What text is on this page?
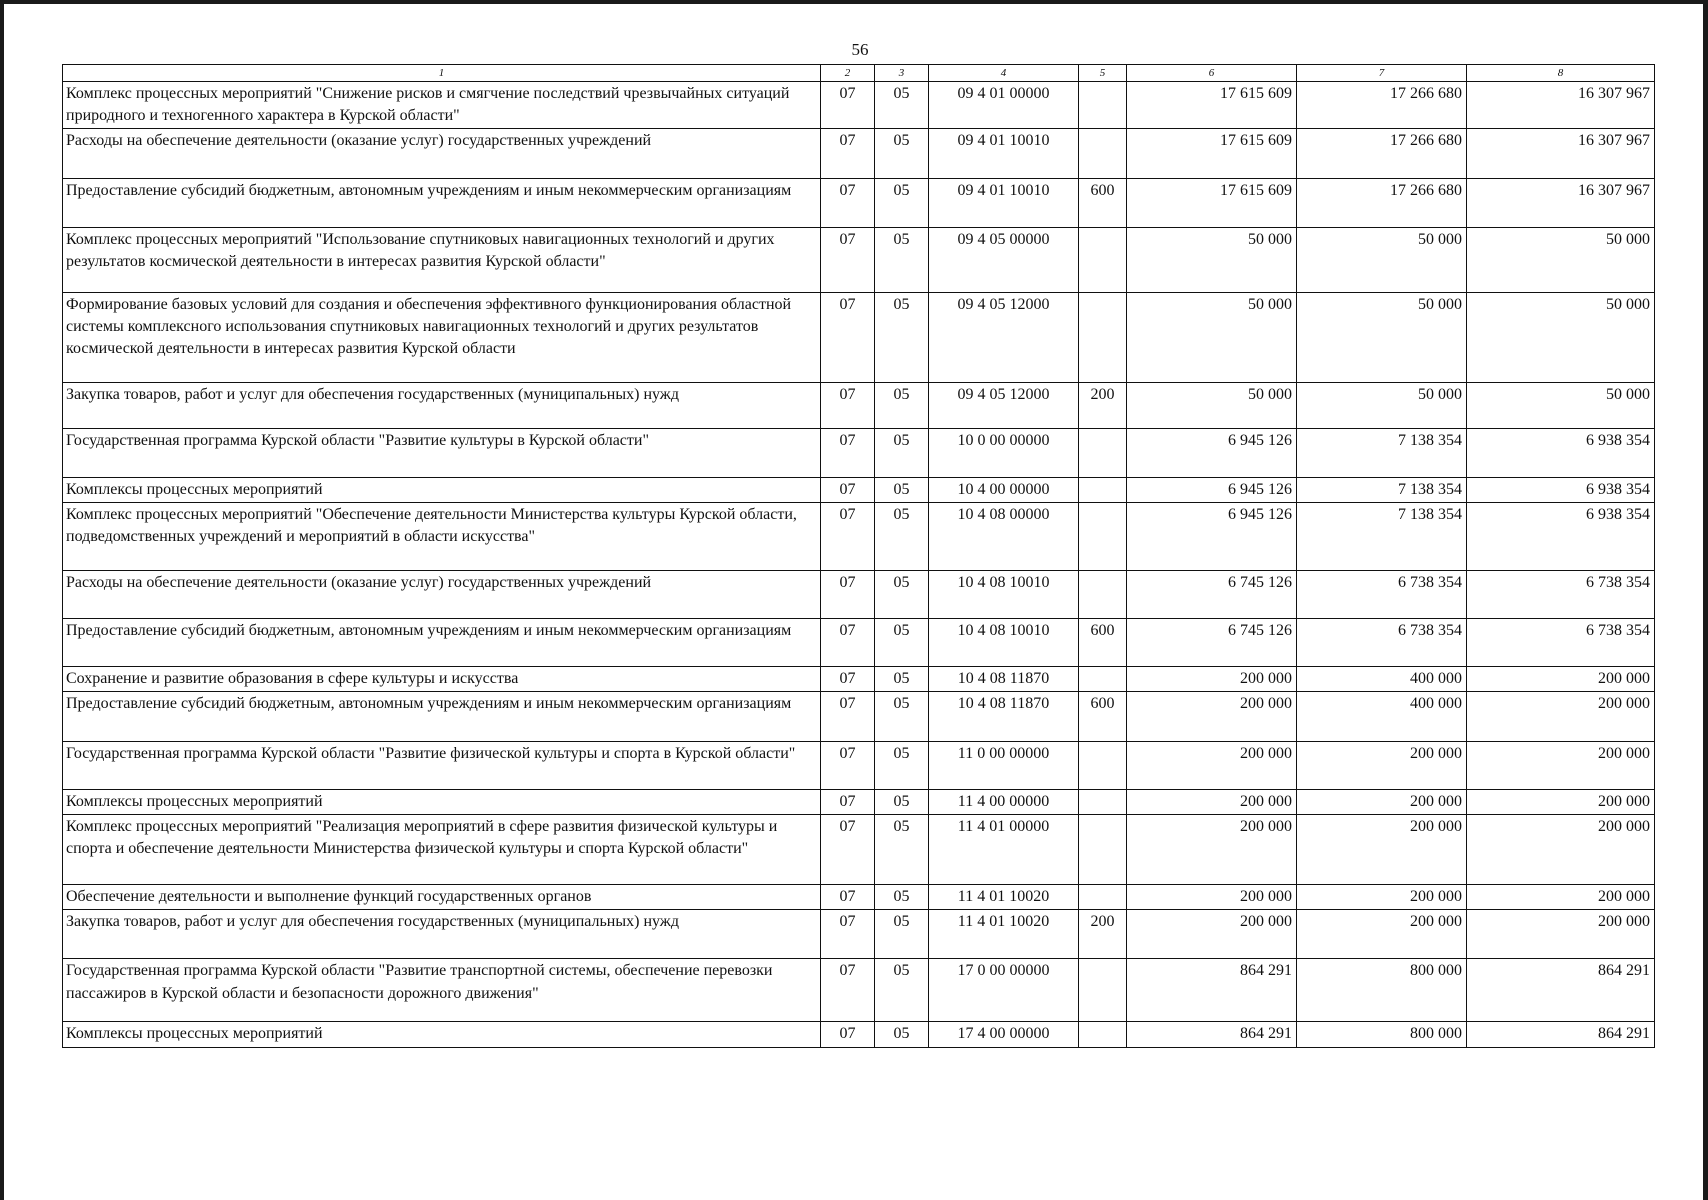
56
1	2	3	4	5	6	7	8
Комплекс процессных мероприятий "Снижение рисков и смягчение последствий чрезвычайных ситуаций природного и техногенного характера в Курской области"	07	05	09 4 01 00000		17 615 609	17 266 680	16 307 967
Расходы на обеспечение деятельности (оказание услуг) государственных учреждений	07	05	09 4 01 10010		17 615 609	17 266 680	16 307 967
Предоставление субсидий бюджетным, автономным учреждениям и иным некоммерческим организациям	07	05	09 4 01 10010	600	17 615 609	17 266 680	16 307 967
Комплекс процессных мероприятий "Использование спутниковых навигационных технологий и других результатов космической деятельности в интересах развития Курской области"	07	05	09 4 05 00000		50 000	50 000	50 000
Формирование базовых условий для создания и обеспечения эффективного функционирования областной системы комплексного использования спутниковых навигационных технологий и других результатов космической деятельности в интересах развития Курской области	07	05	09 4 05 12000		50 000	50 000	50 000
Закупка товаров, работ и услуг для обеспечения государственных (муниципальных) нужд	07	05	09 4 05 12000	200	50 000	50 000	50 000
Государственная программа Курской области "Развитие культуры в Курской области"	07	05	10 0 00 00000		6 945 126	7 138 354	6 938 354
Комплексы процессных мероприятий	07	05	10 4 00 00000		6 945 126	7 138 354	6 938 354
Комплекс процессных мероприятий "Обеспечение деятельности Министерства культуры Курской области, подведомственных учреждений и мероприятий в области искусства"	07	05	10 4 08 00000		6 945 126	7 138 354	6 938 354
Расходы на обеспечение деятельности (оказание услуг) государственных учреждений	07	05	10 4 08 10010		6 745 126	6 738 354	6 738 354
Предоставление субсидий бюджетным, автономным учреждениям и иным некоммерческим организациям	07	05	10 4 08 10010	600	6 745 126	6 738 354	6 738 354
Сохранение и развитие образования в сфере культуры и искусства	07	05	10 4 08 11870		200 000	400 000	200 000
Предоставление субсидий бюджетным, автономным учреждениям и иным некоммерческим организациям	07	05	10 4 08 11870	600	200 000	400 000	200 000
Государственная программа Курской области "Развитие физической культуры и спорта в Курской области"	07	05	11 0 00 00000		200 000	200 000	200 000
Комплексы процессных мероприятий	07	05	11 4 00 00000		200 000	200 000	200 000
Комплекс процессных мероприятий "Реализация мероприятий в сфере развития физической культуры и спорта и обеспечение деятельности Министерства физической культуры и спорта Курской области"	07	05	11 4 01 00000		200 000	200 000	200 000
Обеспечение деятельности и выполнение функций государственных органов	07	05	11 4 01 10020		200 000	200 000	200 000
Закупка товаров, работ и услуг для обеспечения государственных (муниципальных) нужд	07	05	11 4 01 10020	200	200 000	200 000	200 000
Государственная программа Курской области "Развитие транспортной системы, обеспечение перевозки пассажиров в Курской области и безопасности дорожного движения"	07	05	17 0 00 00000		864 291	800 000	864 291
Комплексы процессных мероприятий	07	05	17 4 00 00000		864 291	800 000	864 291
